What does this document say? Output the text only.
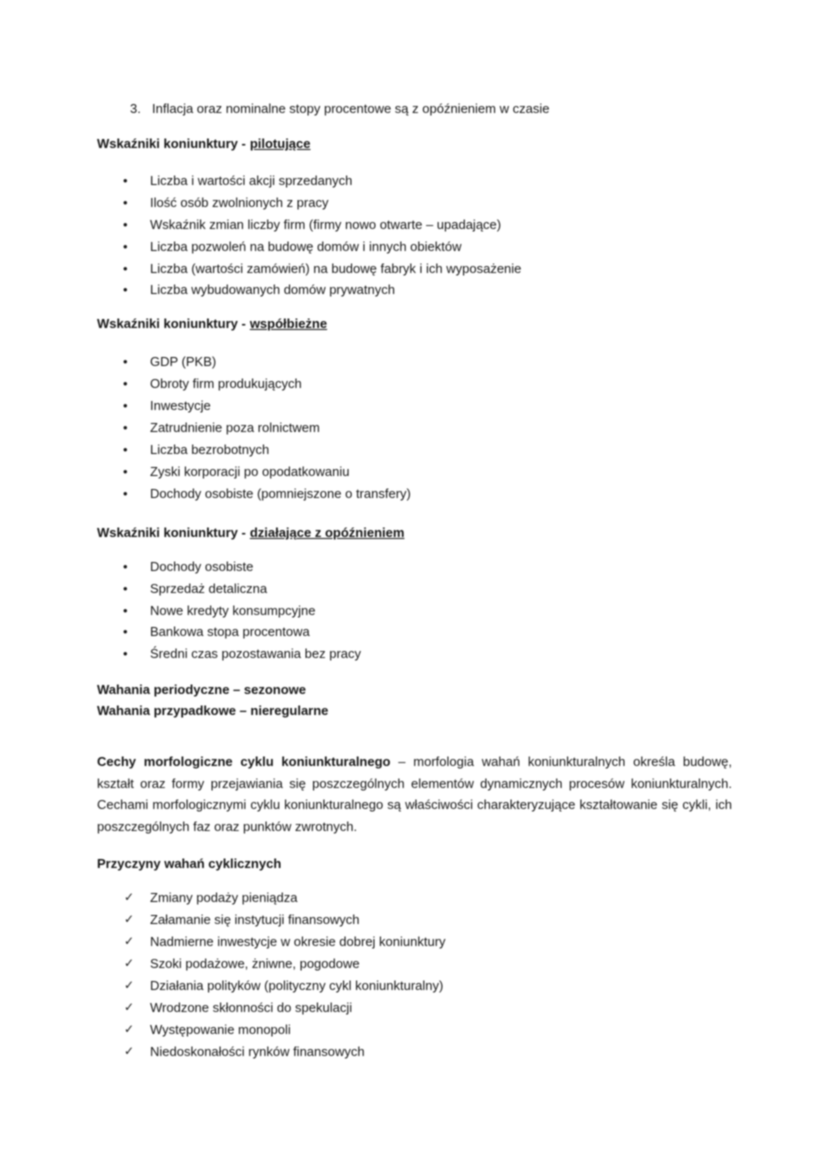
3. Inflacja oraz nominalne stopy procentowe są z opóźnieniem w czasie
Wskaźniki koniunktury - pilotujące
• Liczba i wartości akcji sprzedanych
• Ilość osób zwolnionych z pracy
• Wskaźnik zmian liczby firm (firmy nowo otwarte – upadające)
• Liczba pozwoleń na budowę domów i innych obiektów
• Liczba (wartości zamówień) na budowę fabryk i ich wyposażenie
• Liczba wybudowanych domów prywatnych
Wskaźniki koniunktury - współbieżne
• GDP (PKB)
• Obroty firm produkujących
• Inwestycje
• Zatrudnienie poza rolnictwem
• Liczba bezrobotnych
• Zyski korporacji po opodatkowaniu
• Dochody osobiste (pomniejszone o transfery)
Wskaźniki koniunktury - działające z opóźnieniem
• Dochody osobiste
• Sprzedaż detaliczna
• Nowe kredyty konsumpcyjne
• Bankowa stopa procentowa
• Średni czas pozostawania bez pracy

Wahania periodyczne – sezonowe

Wahania przypadkowe – nieregularne

Cechy morfologiczne cyklu koniunkturalnego – morfologia wahań koniunkturalnych określa budowę, kształt oraz formy przejawiania się poszczególnych elementów dynamicznych procesów koniunkturalnych. Cechami morfologicznymi cyklu koniunkturalnego są właściwości charakteryzujące kształtowanie się cykli, ich poszczególnych faz oraz punktów zwrotnych.

Przyczyny wahań cyklicznych
✓ Zmiany podaży pieniądza
✓ Załamanie się instytucji finansowych
✓ Nadmierne inwestycje w okresie dobrej koniunktury
✓ Szoki podażowe, żniwne, pogodowe
✓ Działania polityków (polityczny cykl koniunkturalny)
✓ Wrodzone skłonności do spekulacji
✓ Występowanie monopoli
✓ Niedoskonałości rynków finansowych
